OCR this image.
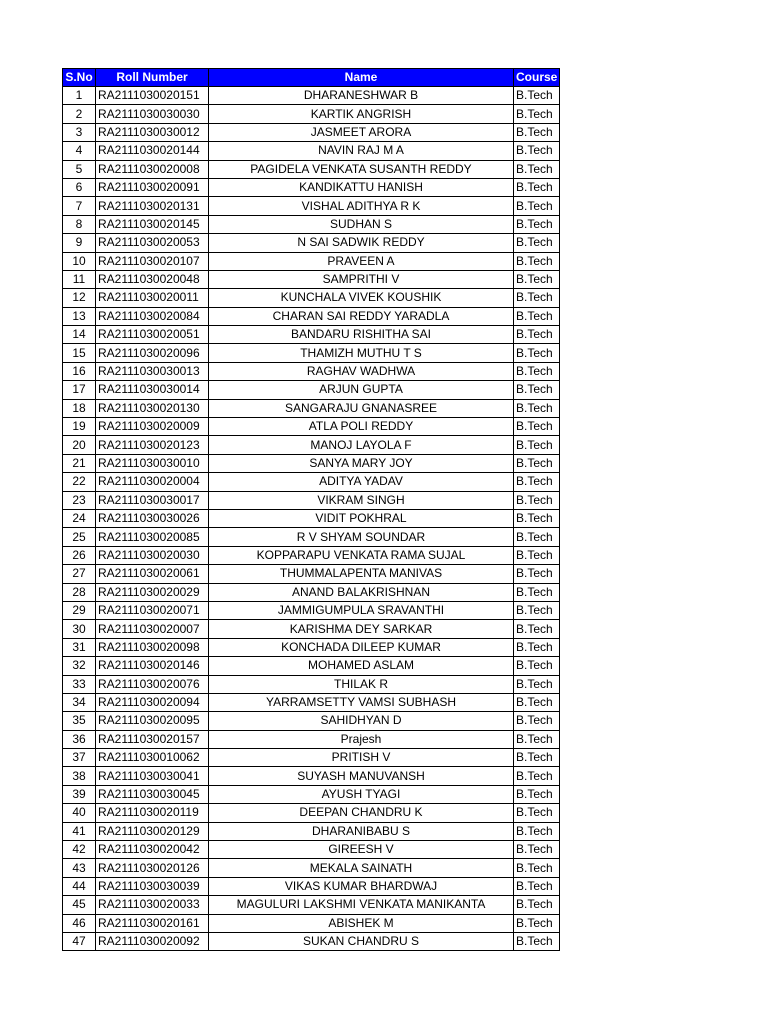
S.No	Roll Number	Name	Course
1	RA2111030020151	DHARANESHWAR B	B.Tech
2	RA2111030030030	KARTIK ANGRISH	B.Tech
3	RA2111030030012	JASMEET ARORA	B.Tech
4	RA2111030020144	NAVIN RAJ M A	B.Tech
5	RA2111030020008	PAGIDELA VENKATA SUSANTH REDDY	B.Tech
6	RA2111030020091	KANDIKATTU HANISH	B.Tech
7	RA2111030020131	VISHAL ADITHYA R K	B.Tech
8	RA2111030020145	SUDHAN S	B.Tech
9	RA2111030020053	N SAI SADWIK REDDY	B.Tech
10	RA2111030020107	PRAVEEN A	B.Tech
11	RA2111030020048	SAMPRITHI V	B.Tech
12	RA2111030020011	KUNCHALA VIVEK KOUSHIK	B.Tech
13	RA2111030020084	CHARAN SAI REDDY YARADLA	B.Tech
14	RA2111030020051	BANDARU RISHITHA SAI	B.Tech
15	RA2111030020096	THAMIZH MUTHU T S	B.Tech
16	RA2111030030013	RAGHAV WADHWA	B.Tech
17	RA2111030030014	ARJUN GUPTA	B.Tech
18	RA2111030020130	SANGARAJU GNANASREE	B.Tech
19	RA2111030020009	ATLA POLI REDDY	B.Tech
20	RA2111030020123	MANOJ LAYOLA F	B.Tech
21	RA2111030030010	SANYA MARY JOY	B.Tech
22	RA2111030020004	ADITYA YADAV	B.Tech
23	RA2111030030017	VIKRAM SINGH	B.Tech
24	RA2111030030026	VIDIT POKHRAL	B.Tech
25	RA2111030020085	R V SHYAM SOUNDAR	B.Tech
26	RA2111030020030	KOPPARAPU VENKATA RAMA SUJAL	B.Tech
27	RA2111030020061	THUMMALAPENTA MANIVAS	B.Tech
28	RA2111030020029	ANAND BALAKRISHNAN	B.Tech
29	RA2111030020071	JAMMIGUMPULA SRAVANTHI	B.Tech
30	RA2111030020007	KARISHMA DEY SARKAR	B.Tech
31	RA2111030020098	KONCHADA DILEEP KUMAR	B.Tech
32	RA2111030020146	MOHAMED ASLAM	B.Tech
33	RA2111030020076	THILAK R	B.Tech
34	RA2111030020094	YARRAMSETTY VAMSI SUBHASH	B.Tech
35	RA2111030020095	SAHIDHYAN D	B.Tech
36	RA2111030020157	Prajesh	B.Tech
37	RA2111030010062	PRITISH V	B.Tech
38	RA2111030030041	SUYASH MANUVANSH	B.Tech
39	RA2111030030045	AYUSH TYAGI	B.Tech
40	RA2111030020119	DEEPAN CHANDRU K	B.Tech
41	RA2111030020129	DHARANIBABU S	B.Tech
42	RA2111030020042	GIREESH V	B.Tech
43	RA2111030020126	MEKALA SAINATH	B.Tech
44	RA2111030030039	VIKAS KUMAR BHARDWAJ	B.Tech
45	RA2111030020033	MAGULURI LAKSHMI VENKATA MANIKANTA	B.Tech
46	RA2111030020161	ABISHEK M	B.Tech
47	RA2111030020092	SUKAN CHANDRU S	B.Tech
